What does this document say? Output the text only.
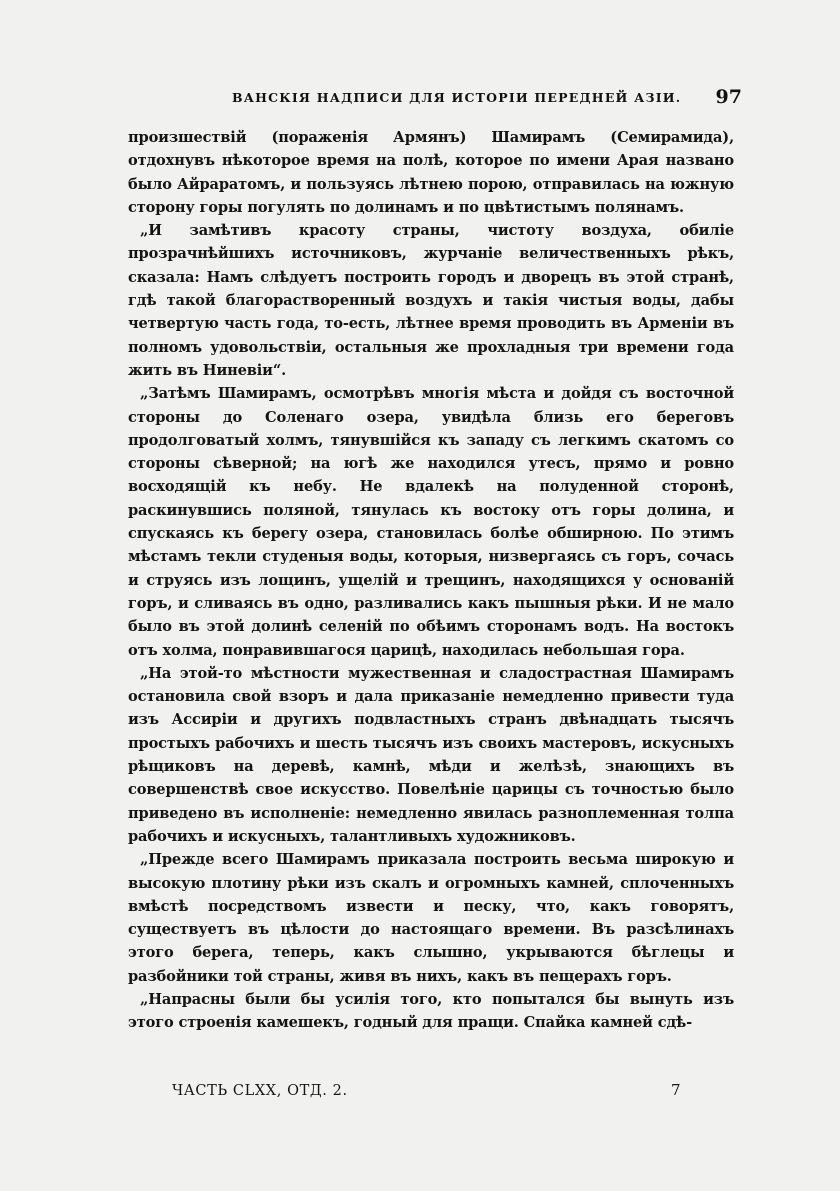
ВАНСКІЯ НАДПИСИ ДЛЯ ИСТОРІИ ПЕРЕДНЕЙ АЗІИ. 97

произшествій (пораженія Армянъ) Шамирамъ (Семирамида), отдохнувъ нѣкоторое время на полѣ, которое по имени Арая названо было Айраратомъ, и пользуясь лѣтнею порою, отправилась на южную сторону горы погулять по долинамъ и по цвѣтистымъ полянамъ.

„И замѣтивъ красоту страны, чистоту воздуха, обиліе прозрачнѣйшихъ источниковъ, журчаніе величественныхъ рѣкъ, сказала: Намъ слѣдуетъ построить городъ и дворецъ въ этой странѣ, гдѣ такой благорастворенный воздухъ и такія чистыя воды, дабы четвертую часть года, то-есть, лѣтнее время проводить въ Арменіи въ полномъ удовольствіи, остальныя же прохладныя три времени года жить въ Ниневіи“.

„Затѣмъ Шамирамъ, осмотрѣвъ многія мѣста и дойдя съ восточной стороны до Соленаго озера, увидѣла близь его береговъ продолговатый холмъ, тянувшійся къ западу съ легкимъ скатомъ со стороны сѣверной; на югѣ же находился утесъ, прямо и ровно восходящій къ небу. Не вдалекѣ на полуденной сторонѣ, раскинувшись поляной, тянулась къ востоку отъ горы долина, и спускаясь къ берегу озера, становилась болѣе обширною. По этимъ мѣстамъ текли студеныя воды, которыя, низвергаясь съ горъ, сочась и струясь изъ лощинъ, ущелій и трещинъ, находящихся у основаній горъ, и сливаясь въ одно, разливались какъ пышныя рѣки. И не мало было въ этой долинѣ селеній по обѣимъ сторонамъ водъ. На востокъ отъ холма, понравившагося царицѣ, находилась небольшая гора.

„На этой-то мѣстности мужественная и сладострастная Шамирамъ остановила свой взоръ и дала приказаніе немедленно привести туда изъ Ассиріи и другихъ подвластныхъ странъ двѣнадцать тысячъ простыхъ рабочихъ и шесть тысячъ изъ своихъ мастеровъ, искусныхъ рѣщиковъ на деревѣ, камнѣ, мѣди и желѣзѣ, знающихъ въ совершенствѣ свое искусство. Повелѣніе царицы съ точностью было приведено въ исполненіе: немедленно явилась разноплеменная толпа рабочихъ и искусныхъ, талантливыхъ художниковъ.

„Прежде всего Шамирамъ приказала построить весьма широкую и высокую плотину рѣки изъ скалъ и огромныхъ камней, сплоченныхъ вмѣстѣ посредствомъ извести и песку, что, какъ говорятъ, существуетъ въ цѣлости до настоящаго времени. Въ разсѣлинахъ этого берега, теперь, какъ слышно, укрываются бѣглецы и разбойники той страны, живя въ нихъ, какъ въ пещерахъ горъ.

„Напрасны были бы усилія того, кто попытался бы вынуть изъ этого строенія камешекъ, годный для пращи. Спайка камней сдѣ-

ЧАСТЬ CLXX, ОТД. 2.	7
